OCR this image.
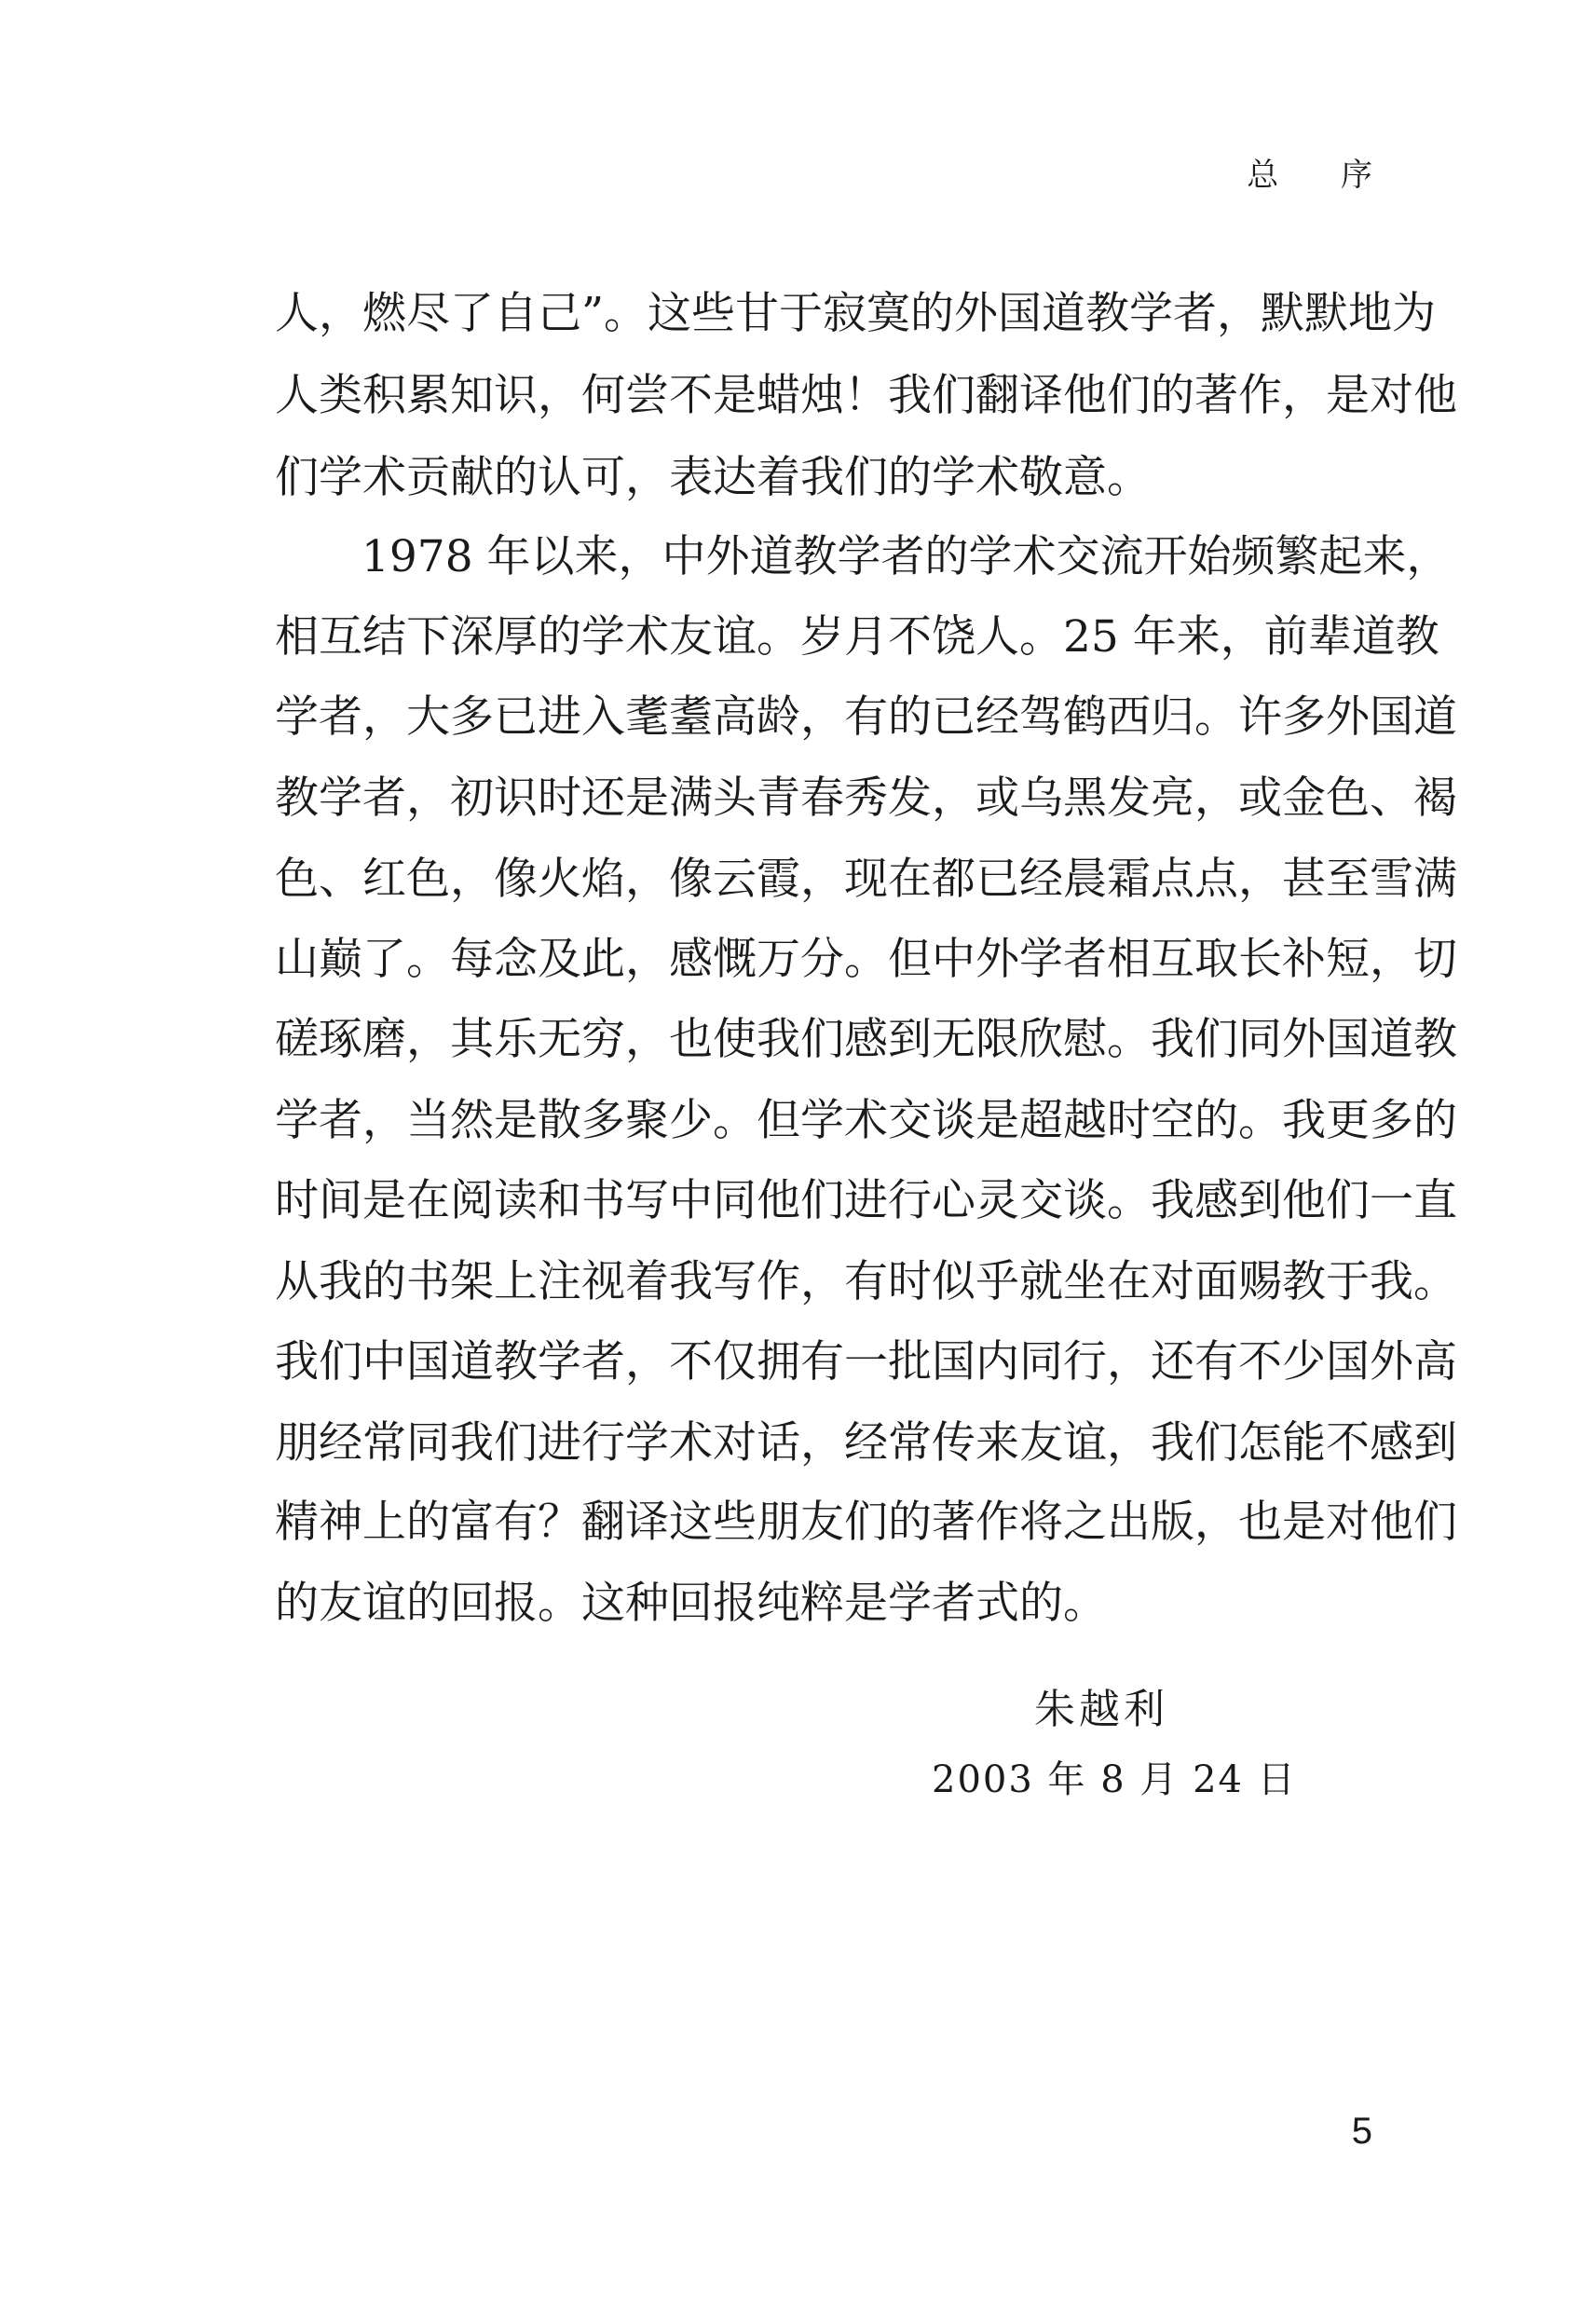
总 序
人，燃尽了自己”。这些甘于寂寞的外国道教学者，默默地为
人类积累知识，何尝不是蜡烛！我们翻译他们的著作，是对他
们学术贡献的认可，表达着我们的学术敬意。
1978 年以来，中外道教学者的学术交流开始频繁起来，
相互结下深厚的学术友谊。岁月不饶人。25 年来，前辈道教
学者，大多已进入耄耋高龄，有的已经驾鹤西归。许多外国道
教学者，初识时还是满头青春秀发，或乌黑发亮，或金色、褐
色、红色，像火焰，像云霞，现在都已经晨霜点点，甚至雪满
山巅了。每念及此，感慨万分。但中外学者相互取长补短，切
磋琢磨，其乐无穷，也使我们感到无限欣慰。我们同外国道教
学者，当然是散多聚少。但学术交谈是超越时空的。我更多的
时间是在阅读和书写中同他们进行心灵交谈。我感到他们一直
从我的书架上注视着我写作，有时似乎就坐在对面赐教于我。
我们中国道教学者，不仅拥有一批国内同行，还有不少国外高
朋经常同我们进行学术对话，经常传来友谊，我们怎能不感到
精神上的富有？翻译这些朋友们的著作将之出版，也是对他们
的友谊的回报。这种回报纯粹是学者式的。
朱越利
2003 年 8 月 24 日
5
